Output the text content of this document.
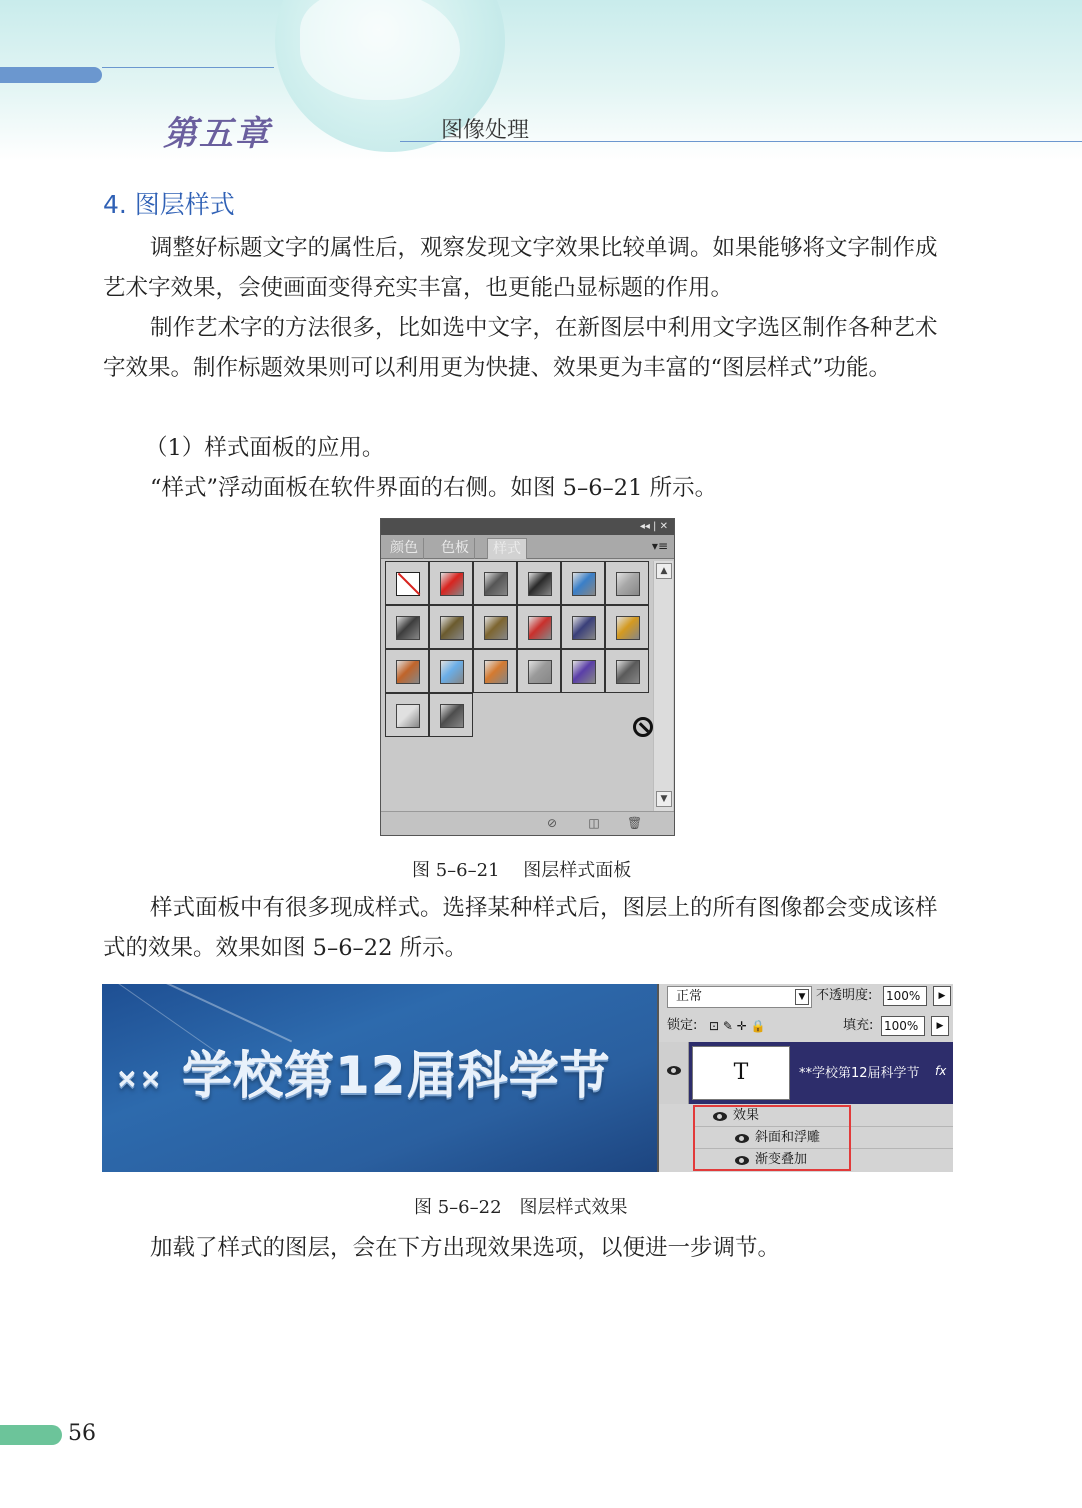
第五章	图像处理
4. 图层样式

调整好标题文字的属性后，观察发现文字效果比较单调。如果能够将文字制作成艺术字效果，会使画面变得充实丰富，也更能凸显标题的作用。

制作艺术字的方法很多，比如选中文字，在新图层中利用文字选区制作各种艺术字效果。制作标题效果则可以利用更为快捷、效果更为丰富的“图层样式”功能。

（1）样式面板的应用。

“样式”浮动面板在软件界面的右侧。如图 5–6–21 所示。

◂◂ | ✕
颜色	色板	样式	▾≡
▲
▼
⊘	◫ 🗑
图 5–6–21　 图层样式面板

样式面板中有很多现成样式。选择某种样式后，图层上的所有图像都会变成该样式的效果。效果如图 5–6–22 所示。

×× 学校第12届科学节
正常	▼ 不透明度: 100%	▶
锁定: ⊡ ✎ ✛ 🔒	填充: 100%	▶
T	**学校第12届科学节 fx
效果
斜面和浮雕
渐变叠加
图 5–6–22　图层样式效果

加载了样式的图层，会在下方出现效果选项，以便进一步调节。

56
